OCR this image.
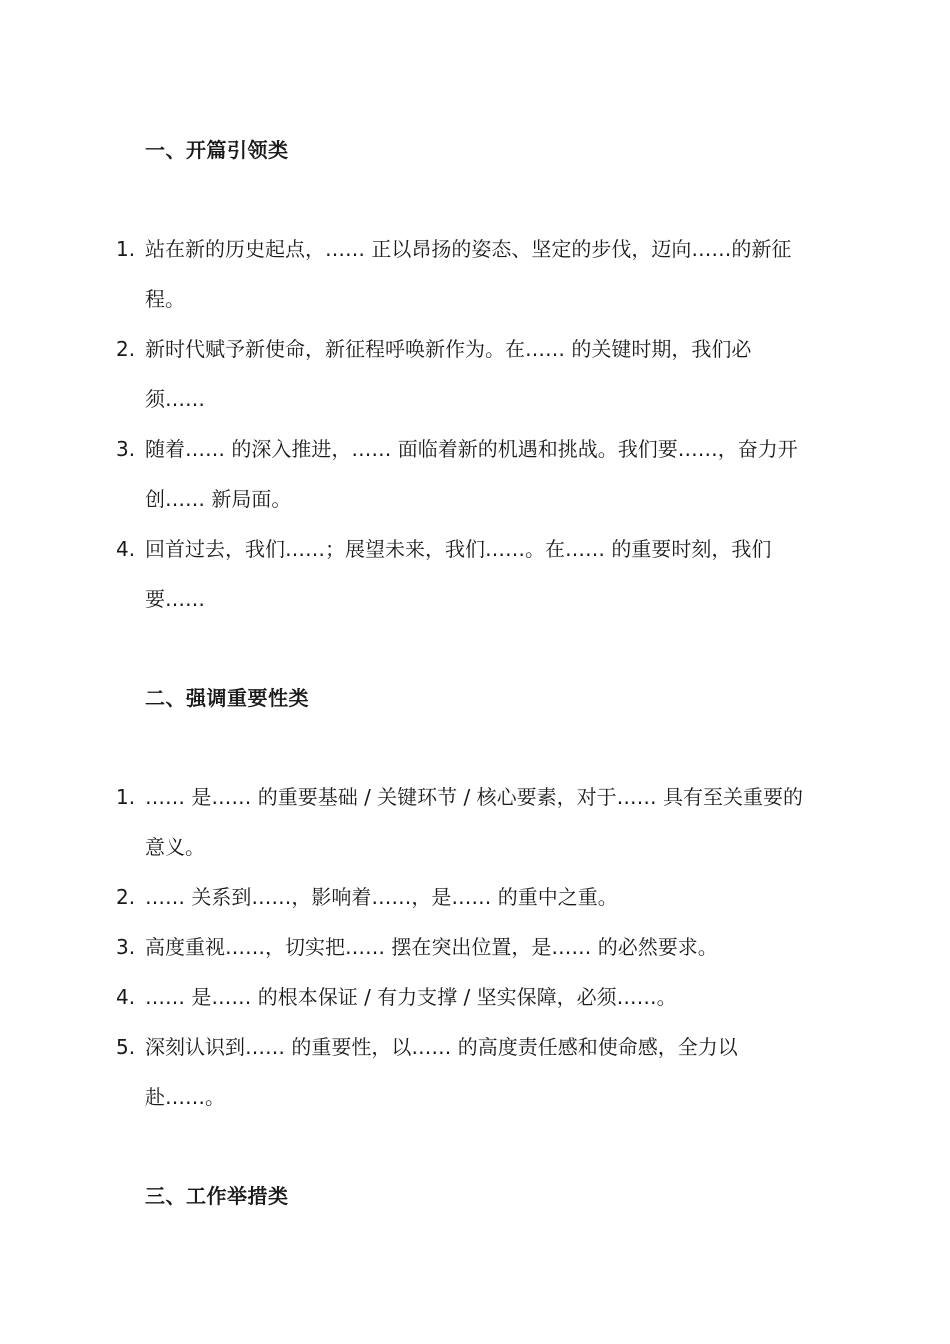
一、开篇引领类
1. 站在新的历史起点，…… 正以昂扬的姿态、坚定的步伐，迈向……的新征程。
2. 新时代赋予新使命，新征程呼唤新作为。在…… 的关键时期，我们必须……
3. 随着…… 的深入推进，…… 面临着新的机遇和挑战。我们要……，奋力开创…… 新局面。
4. 回首过去，我们……；展望未来，我们……。在…… 的重要时刻，我们要……
二、强调重要性类
1. …… 是…… 的重要基础 / 关键环节 / 核心要素，对于…… 具有至关重要的意义。
2. …… 关系到……，影响着……，是…… 的重中之重。
3. 高度重视……，切实把…… 摆在突出位置，是…… 的必然要求。
4. …… 是…… 的根本保证 / 有力支撑 / 坚实保障，必须……。
5. 深刻认识到…… 的重要性，以…… 的高度责任感和使命感，全力以赴……。
三、工作举措类
